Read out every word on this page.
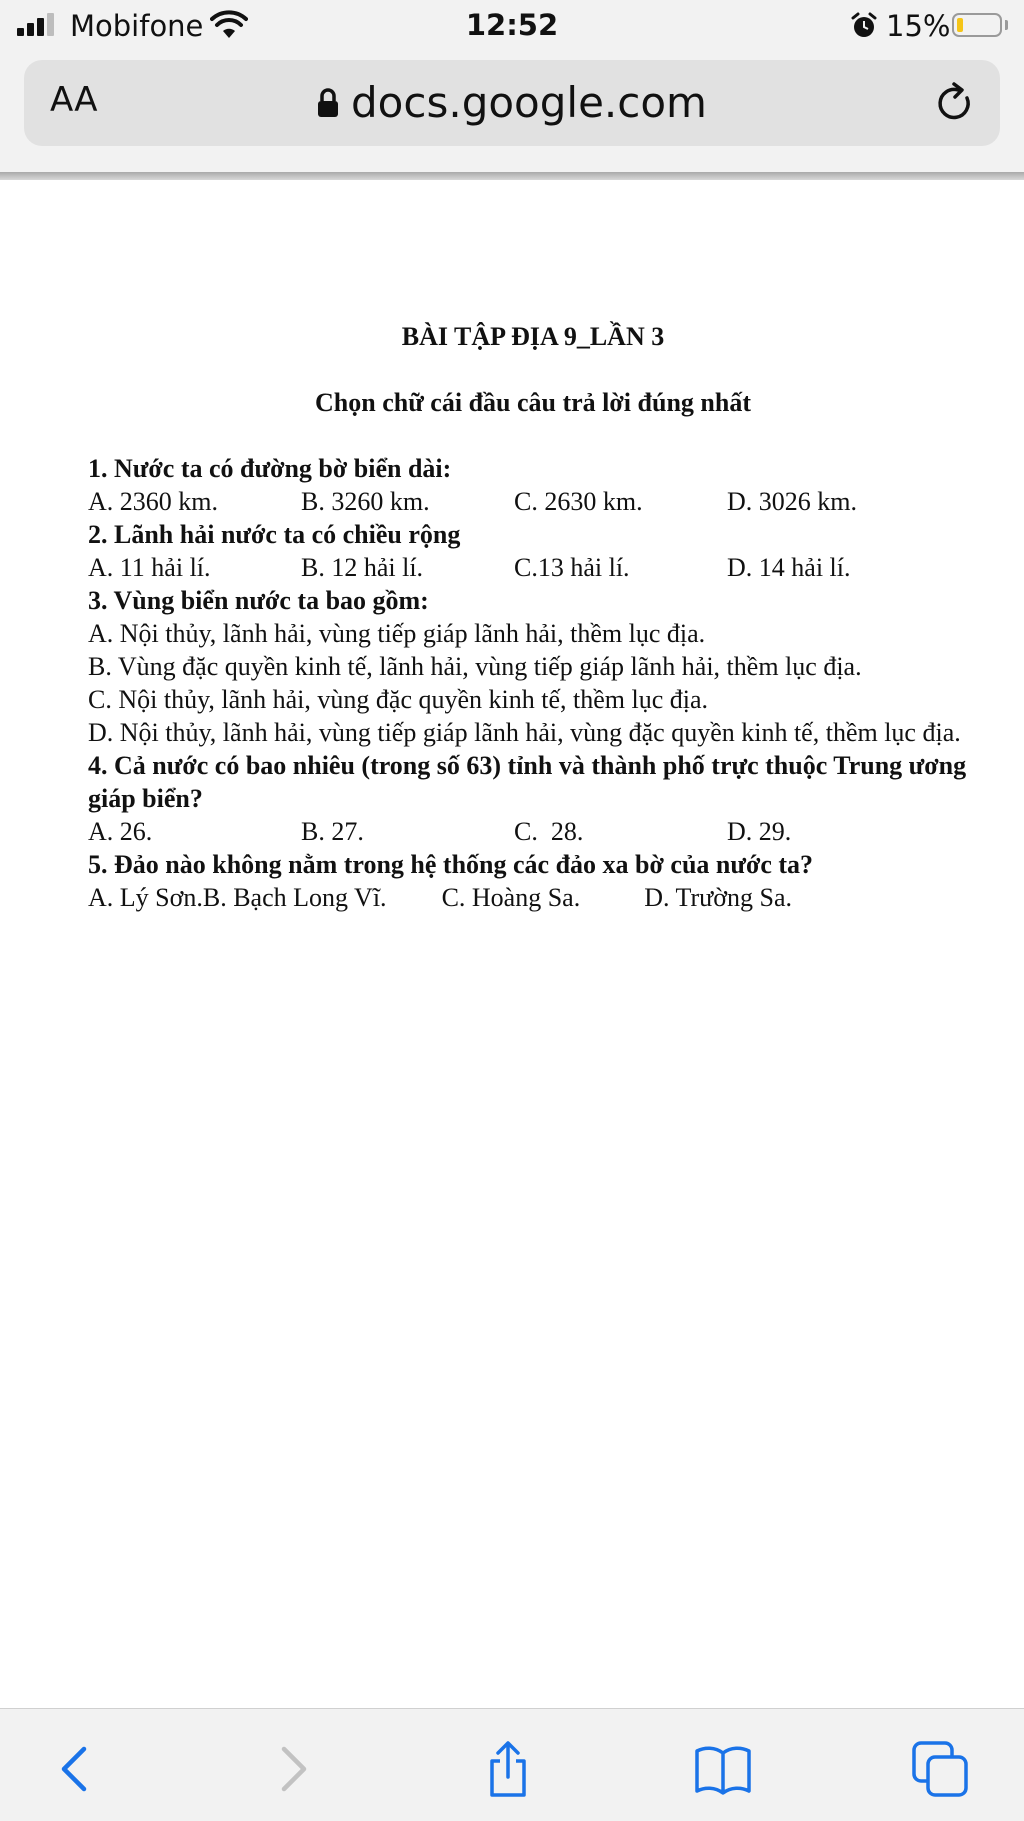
Mobifone	12:52	15%
AA	docs.google.com
BÀI TẬP ĐỊA 9_LẦN 3
Chọn chữ cái đầu câu trả lời đúng nhất
1. Nước ta có đường bờ biển dài:
A. 2360 km.	B. 3260 km.	C. 2630 km.	D. 3026 km.
2. Lãnh hải nước ta có chiều rộng
A. 11 hải lí.	B. 12 hải lí.	C.13 hải lí.	D. 14 hải lí.
3. Vùng biển nước ta bao gồm:
A. Nội thủy, lãnh hải, vùng tiếp giáp lãnh hải, thềm lục địa.
B. Vùng đặc quyền kinh tế, lãnh hải, vùng tiếp giáp lãnh hải, thềm lục địa.
C. Nội thủy, lãnh hải, vùng đặc quyền kinh tế, thềm lục địa.
D. Nội thủy, lãnh hải, vùng tiếp giáp lãnh hải, vùng đặc quyền kinh tế, thềm lục địa.
4. Cả nước có bao nhiêu (trong số 63) tỉnh và thành phố trực thuộc Trung ương giáp biển?
A. 26.	B. 27.	C.  28.	D. 29.
5. Đảo nào không nằm trong hệ thống các đảo xa bờ của nước ta?
A. Lý Sơn.B. Bạch Long Vĩ. C. Hoàng Sa. D. Trường Sa.
